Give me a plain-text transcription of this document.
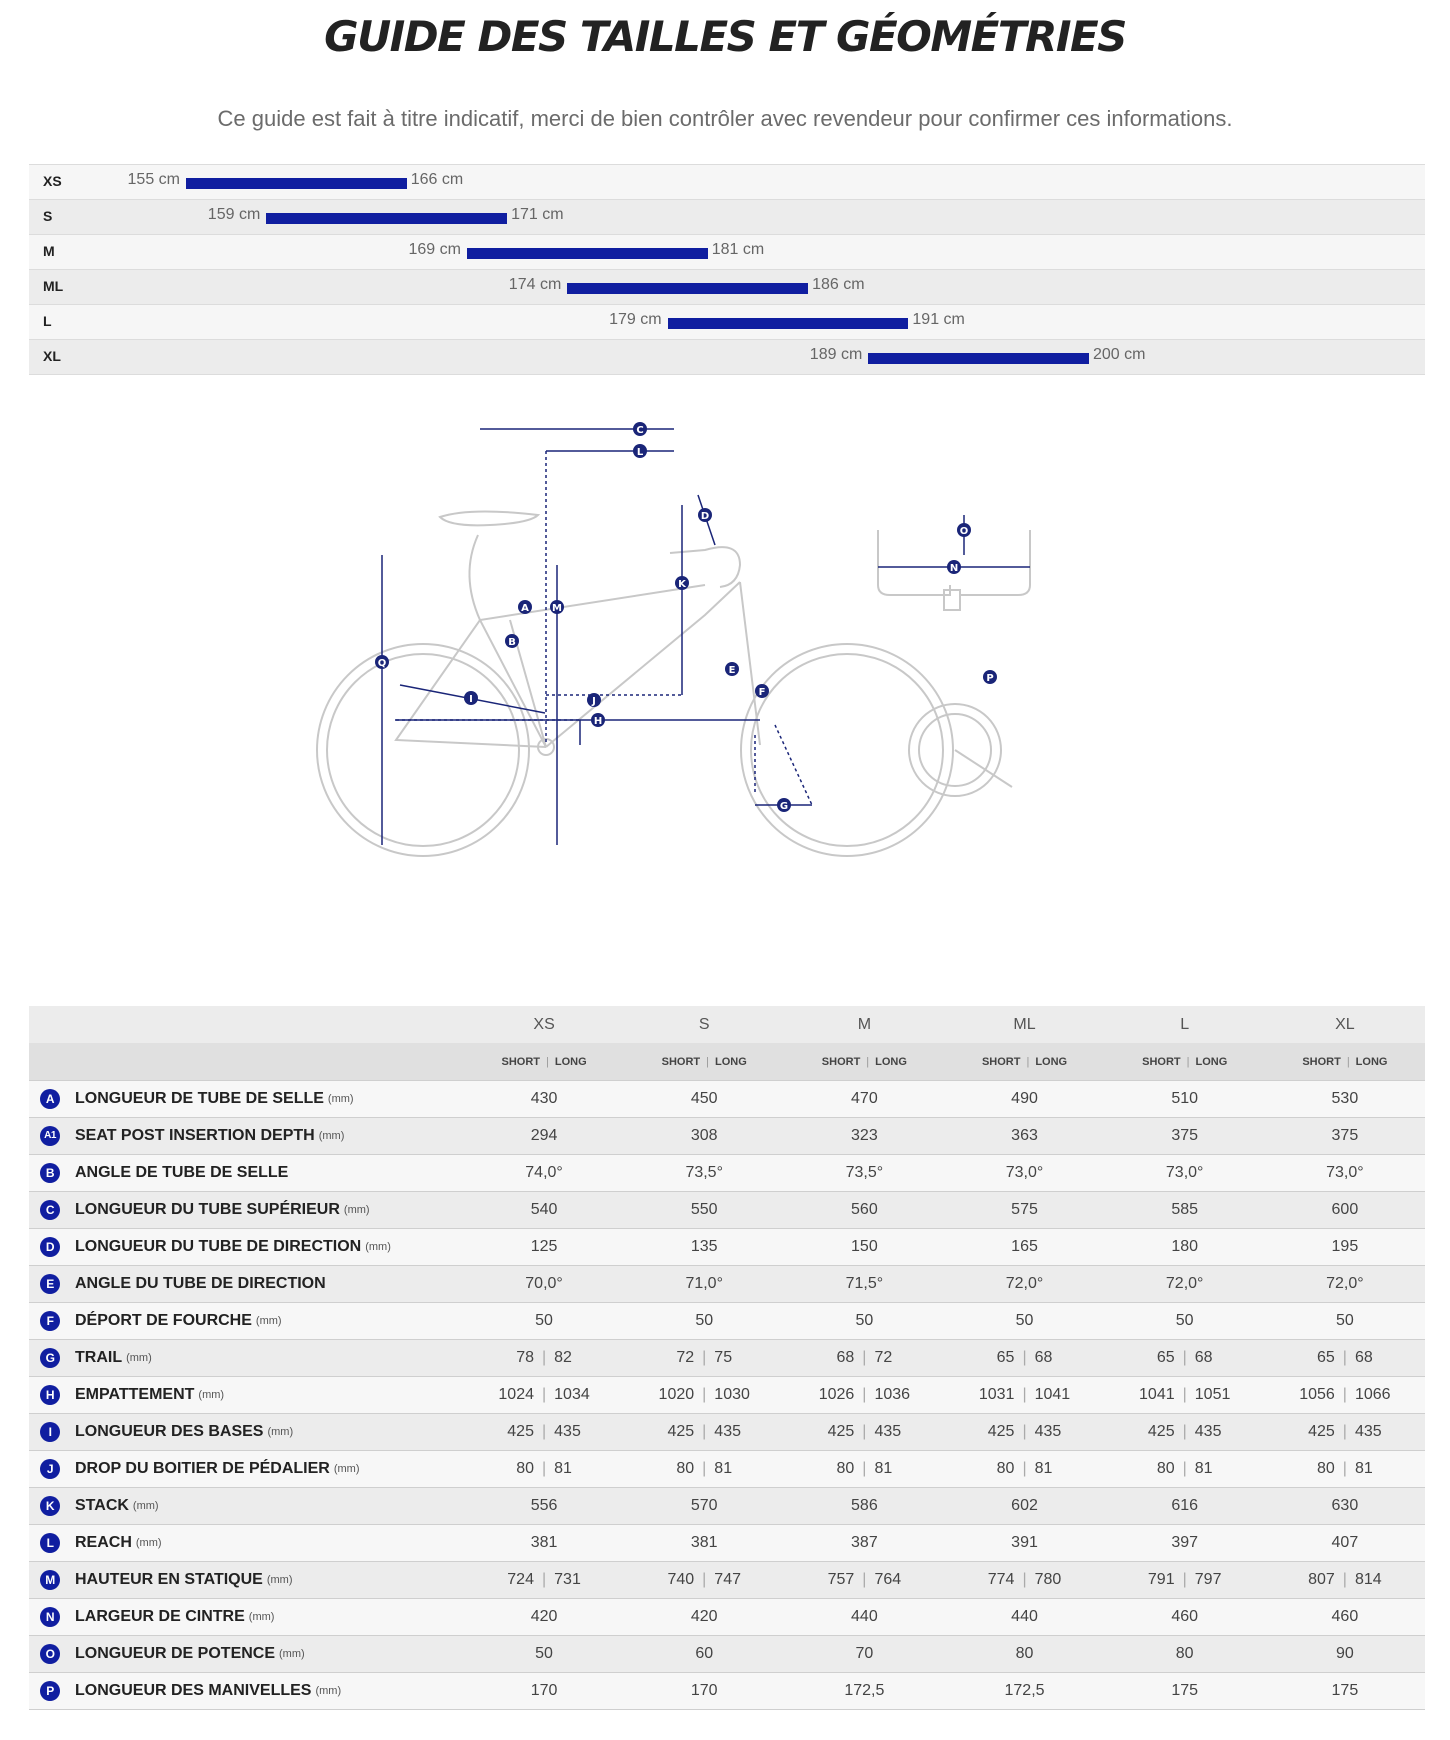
GUIDE DES TAILLES ET GÉOMÉTRIES
Ce guide est fait à titre indicatif, merci de bien contrôler avec revendeur pour confirmer ces informations.
XS	155 cm	166 cm
S	159 cm	171 cm
M	169 cm	181 cm
ML	174 cm	186 cm
L	179 cm	191 cm
XL	189 cm	200 cm
C
L
D
A M
K
B
Q
J
E
F
I
H
G
O
N
P
	XS	S	M	ML	L	XL
	SHORT | LONG	SHORT | LONG	SHORT | LONG	SHORT | LONG	SHORT | LONG	SHORT | LONG
A LONGUEUR DE TUBE DE SELLE (mm)	430	450	470	490	510	530
A1 SEAT POST INSERTION DEPTH (mm)	294	308	323	363	375	375
B ANGLE DE TUBE DE SELLE	74,0°	73,5°	73,5°	73,0°	73,0°	73,0°
C LONGUEUR DU TUBE SUPÉRIEUR (mm)	540	550	560	575	585	600
D LONGUEUR DU TUBE DE DIRECTION (mm)	125	135	150	165	180	195
E ANGLE DU TUBE DE DIRECTION	70,0°	71,0°	71,5°	72,0°	72,0°	72,0°
F DÉPORT DE FOURCHE (mm)	50	50	50	50	50	50
G TRAIL (mm)	78 | 82	72 | 75	68 | 72	65 | 68	65 | 68	65 | 68
H EMPATTEMENT (mm)	1024 | 1034	1020 | 1030	1026 | 1036	1031 | 1041	1041 | 1051	1056 | 1066
I LONGUEUR DES BASES (mm)	425 | 435	425 | 435	425 | 435	425 | 435	425 | 435	425 | 435
J DROP DU BOITIER DE PÉDALIER (mm)	80 | 81	80 | 81	80 | 81	80 | 81	80 | 81	80 | 81
K STACK (mm)	556	570	586	602	616	630
L REACH (mm)	381	381	387	391	397	407
M HAUTEUR EN STATIQUE (mm)	724 | 731	740 | 747	757 | 764	774 | 780	791 | 797	807 | 814
N LARGEUR DE CINTRE (mm)	420	420	440	440	460	460
O LONGUEUR DE POTENCE (mm)	50	60	70	80	80	90
P LONGUEUR DES MANIVELLES (mm)	170	170	172,5	172,5	175	175
